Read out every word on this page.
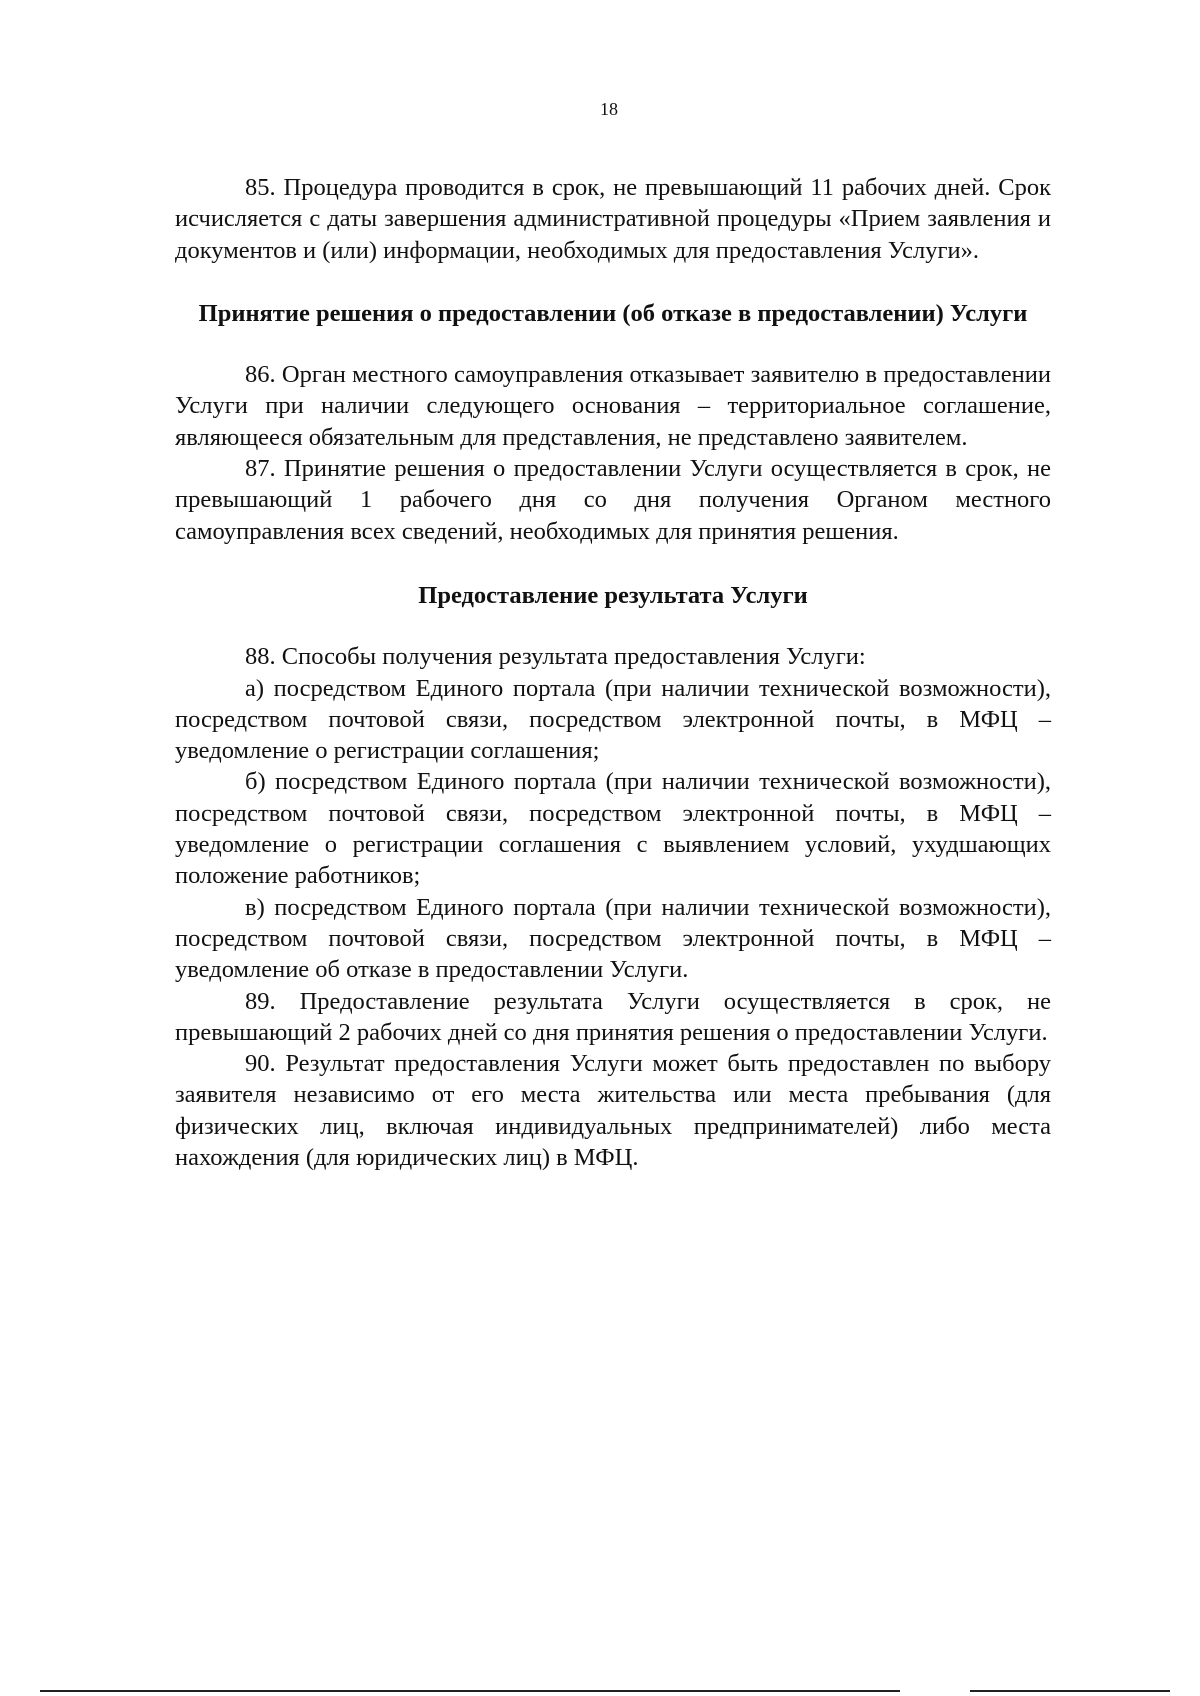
18

85. Процедура проводится в срок, не превышающий 11 рабочих дней. Срок исчисляется с даты завершения административной процедуры «Прием заявления и документов и (или) информации, необходимых для предоставления Услуги».

Принятие решения о предоставлении (об отказе в предоставлении) Услуги

86. Орган местного самоуправления отказывает заявителю в предоставлении Услуги при наличии следующего основания – территориальное соглашение, являющееся обязательным для представления, не представлено заявителем.

87. Принятие решения о предоставлении Услуги осуществляется в срок, не превышающий 1 рабочего дня со дня получения Органом местного самоуправления всех сведений, необходимых для принятия решения.

Предоставление результата Услуги

88. Способы получения результата предоставления Услуги:

а) посредством Единого портала (при наличии технической возможности), посредством почтовой связи, посредством электронной почты, в МФЦ – уведомление о регистрации соглашения;

б) посредством Единого портала (при наличии технической возможности), посредством почтовой связи, посредством электронной почты, в МФЦ – уведомление о регистрации соглашения с выявлением условий, ухудшающих положение работников;

в) посредством Единого портала (при наличии технической возможности), посредством почтовой связи, посредством электронной почты, в МФЦ – уведомление об отказе в предоставлении Услуги.

89. Предоставление результата Услуги осуществляется в срок, не превышающий 2 рабочих дней со дня принятия решения о предоставлении Услуги.

90. Результат предоставления Услуги может быть предоставлен по выбору заявителя независимо от его места жительства или места пребывания (для физических лиц, включая индивидуальных предпринимателей) либо места нахождения (для юридических лиц) в МФЦ.
